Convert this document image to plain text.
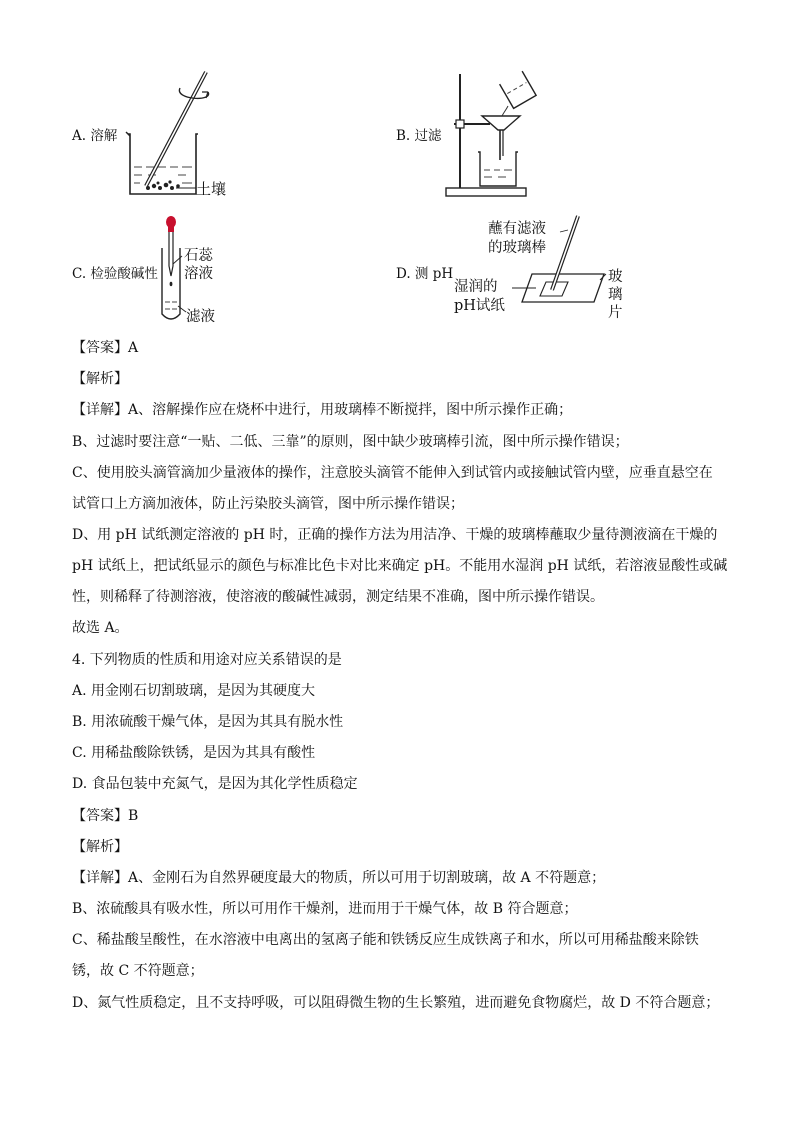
A. 溶解
土壤
B. 过滤
C. 检验酸碱性
石蕊
溶液
滤液
D. 测 pH
蘸有滤液
的玻璃棒
湿润的
pH试纸
玻
璃
片
【答案】A
【解析】
【详解】A、溶解操作应在烧杯中进行，用玻璃棒不断搅拌，图中所示操作正确；
B、过滤时要注意“一贴、二低、三靠”的原则，图中缺少玻璃棒引流，图中所示操作错误；
C、使用胶头滴管滴加少量液体的操作，注意胶头滴管不能伸入到试管内或接触试管内壁，应垂直悬空在
试管口上方滴加液体，防止污染胶头滴管，图中所示操作错误；
D、用 pH 试纸测定溶液的 pH 时，正确的操作方法为用洁净、干燥的玻璃棒蘸取少量待测液滴在干燥的
pH 试纸上，把试纸显示的颜色与标准比色卡对比来确定 pH。不能用水湿润 pH 试纸，若溶液显酸性或碱
性，则稀释了待测溶液，使溶液的酸碱性减弱，测定结果不准确，图中所示操作错误。
故选 A。
4. 下列物质的性质和用途对应关系错误的是
A. 用金刚石切割玻璃，是因为其硬度大
B. 用浓硫酸干燥气体，是因为其具有脱水性
C. 用稀盐酸除铁锈，是因为其具有酸性
D. 食品包装中充氮气，是因为其化学性质稳定
【答案】B
【解析】
【详解】A、金刚石为自然界硬度最大的物质，所以可用于切割玻璃，故 A 不符题意；
B、浓硫酸具有吸水性，所以可用作干燥剂，进而用于干燥气体，故 B 符合题意；
C、稀盐酸呈酸性，在水溶液中电离出的氢离子能和铁锈反应生成铁离子和水，所以可用稀盐酸来除铁
锈，故 C 不符题意；
D、氮气性质稳定，且不支持呼吸，可以阻碍微生物的生长繁殖，进而避免食物腐烂，故 D 不符合题意；
